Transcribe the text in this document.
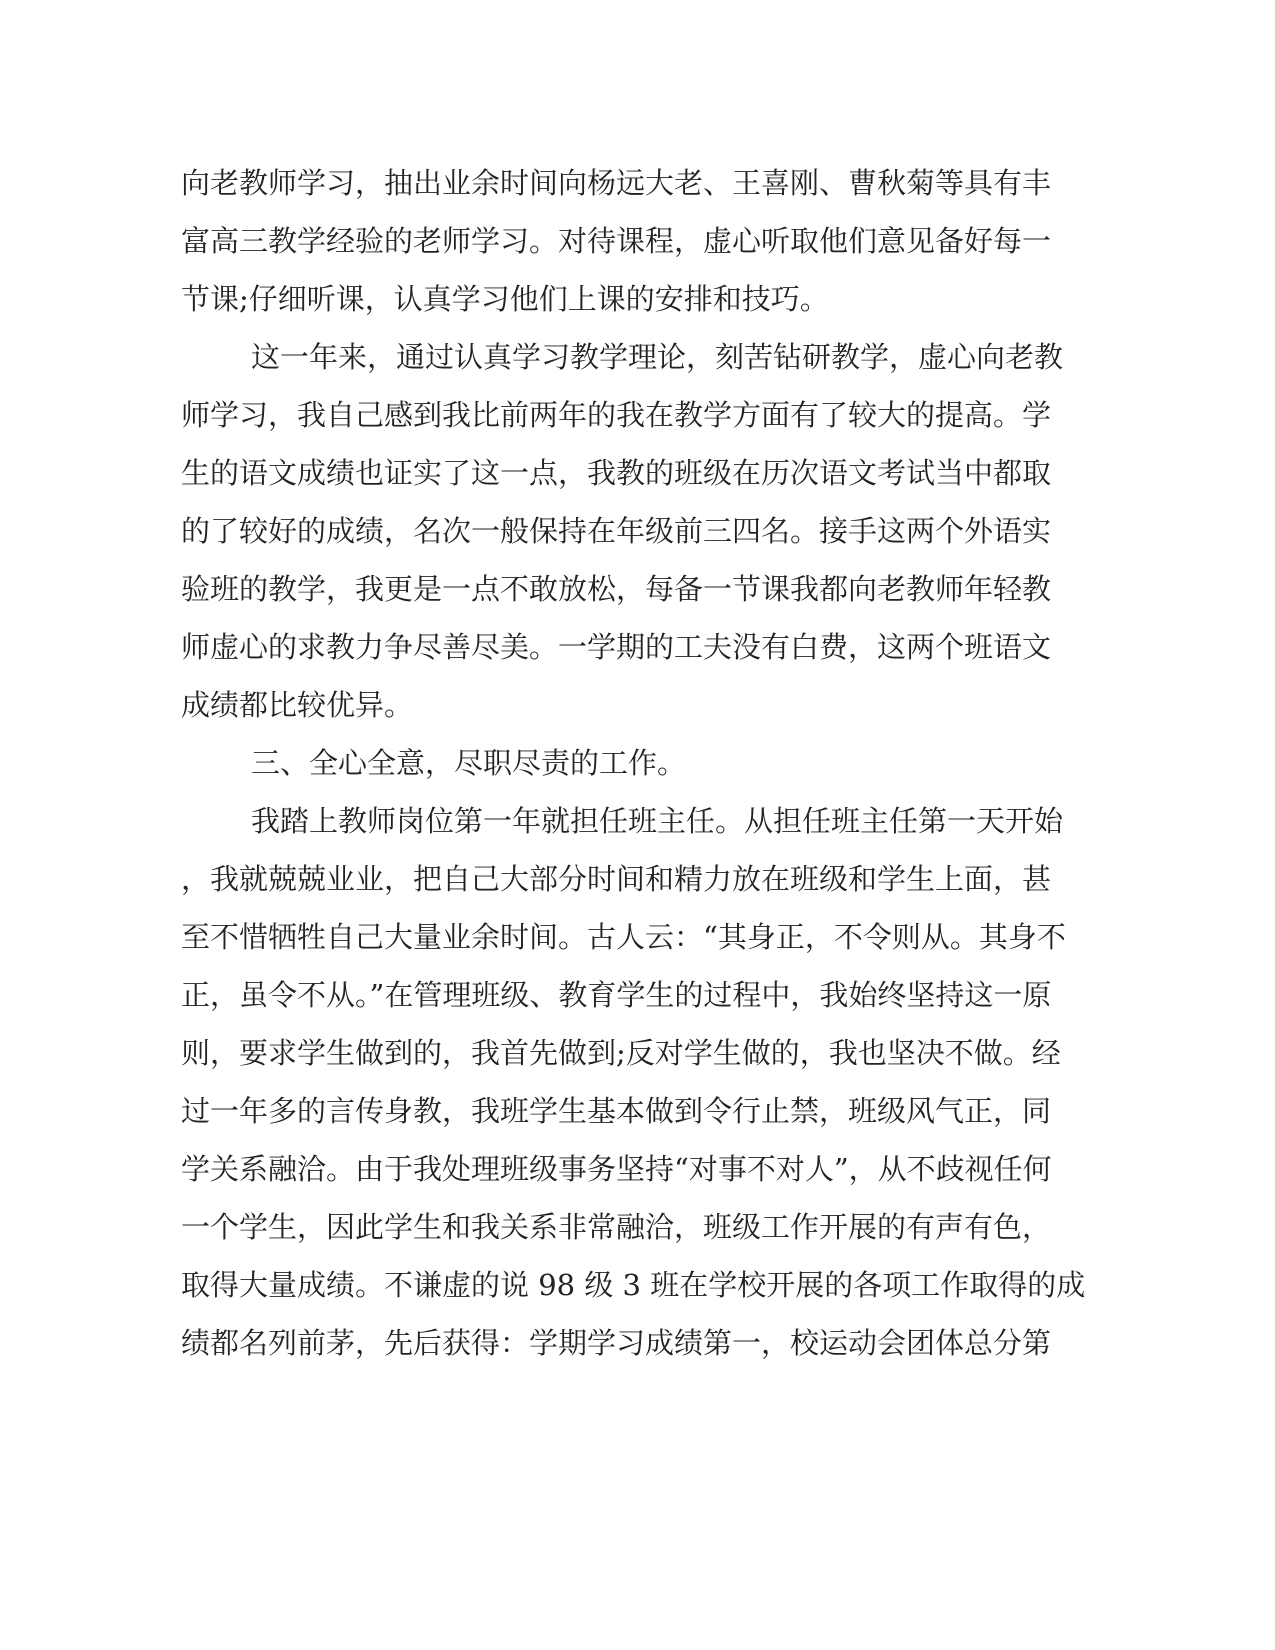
向老教师学习，抽出业余时间向杨远大老、王喜刚、曹秋菊等具有丰
富高三教学经验的老师学习。对待课程，虚心听取他们意见备好每一
节课;仔细听课，认真学习他们上课的安排和技巧。
这一年来，通过认真学习教学理论，刻苦钻研教学，虚心向老教
师学习，我自己感到我比前两年的我在教学方面有了较大的提高。学
生的语文成绩也证实了这一点，我教的班级在历次语文考试当中都取
的了较好的成绩，名次一般保持在年级前三四名。接手这两个外语实
验班的教学，我更是一点不敢放松，每备一节课我都向老教师年轻教
师虚心的求教力争尽善尽美。一学期的工夫没有白费，这两个班语文
成绩都比较优异。
三、全心全意，尽职尽责的工作。
我踏上教师岗位第一年就担任班主任。从担任班主任第一天开始
，我就兢兢业业，把自己大部分时间和精力放在班级和学生上面，甚
至不惜牺牲自己大量业余时间。古人云：“其身正，不令则从。其身不
正，虽令不从。”在管理班级、教育学生的过程中，我始终坚持这一原
则，要求学生做到的，我首先做到;反对学生做的，我也坚决不做。经
过一年多的言传身教，我班学生基本做到令行止禁，班级风气正，同
学关系融洽。由于我处理班级事务坚持“对事不对人”，从不歧视任何
一个学生，因此学生和我关系非常融洽，班级工作开展的有声有色，
取得大量成绩。不谦虚的说 98 级 3 班在学校开展的各项工作取得的成
绩都名列前茅，先后获得：学期学习成绩第一，校运动会团体总分第
